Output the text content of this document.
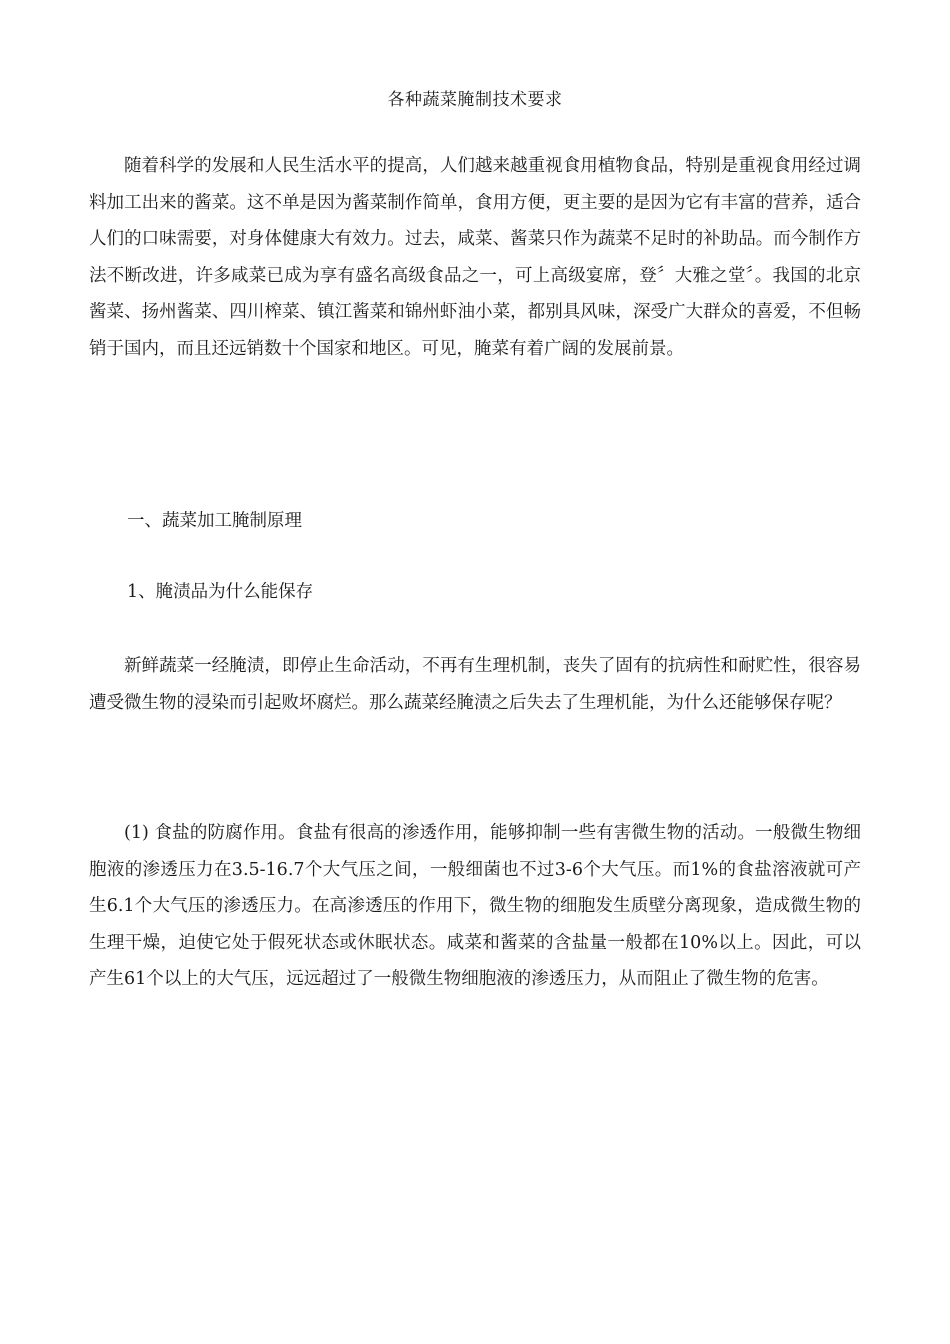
各种蔬菜腌制技术要求

随着科学的发展和人民生活水平的提高，人们越来越重视食用植物食品，特别是重视食用经过调料加工出来的酱菜。这不单是因为酱菜制作简单，食用方便，更主要的是因为它有丰富的营养，适合人们的口味需要，对身体健康大有效力。过去，咸菜、酱菜只作为蔬菜不足时的补助品。而今制作方法不断改进，许多咸菜已成为享有盛名高级食品之一，可上高级宴席，登〞大雅之堂〞。我国的北京酱菜、扬州酱菜、四川榨菜、镇江酱菜和锦州虾油小菜，都别具风味，深受广大群众的喜爱，不但畅销于国内，而且还远销数十个国家和地区。可见，腌菜有着广阔的发展前景。

一、蔬菜加工腌制原理

1、腌渍品为什么能保存

新鲜蔬菜一经腌渍，即停止生命活动，不再有生理机制，丧失了固有的抗病性和耐贮性，很容易遭受微生物的浸染而引起败坏腐烂。那么蔬菜经腌渍之后失去了生理机能，为什么还能够保存呢？

(1) 食盐的防腐作用。食盐有很高的渗透作用，能够抑制一些有害微生物的活动。一般微生物细胞液的渗透压力在3.5-16.7个大气压之间，一般细菌也不过3-6个大气压。而1%的食盐溶液就可产生6.1个大气压的渗透压力。在高渗透压的作用下，微生物的细胞发生质壁分离现象，造成微生物的生理干燥，迫使它处于假死状态或休眠状态。咸菜和酱菜的含盐量一般都在10%以上。因此，可以产生61个以上的大气压，远远超过了一般微生物细胞液的渗透压力，从而阻止了微生物的危害。
